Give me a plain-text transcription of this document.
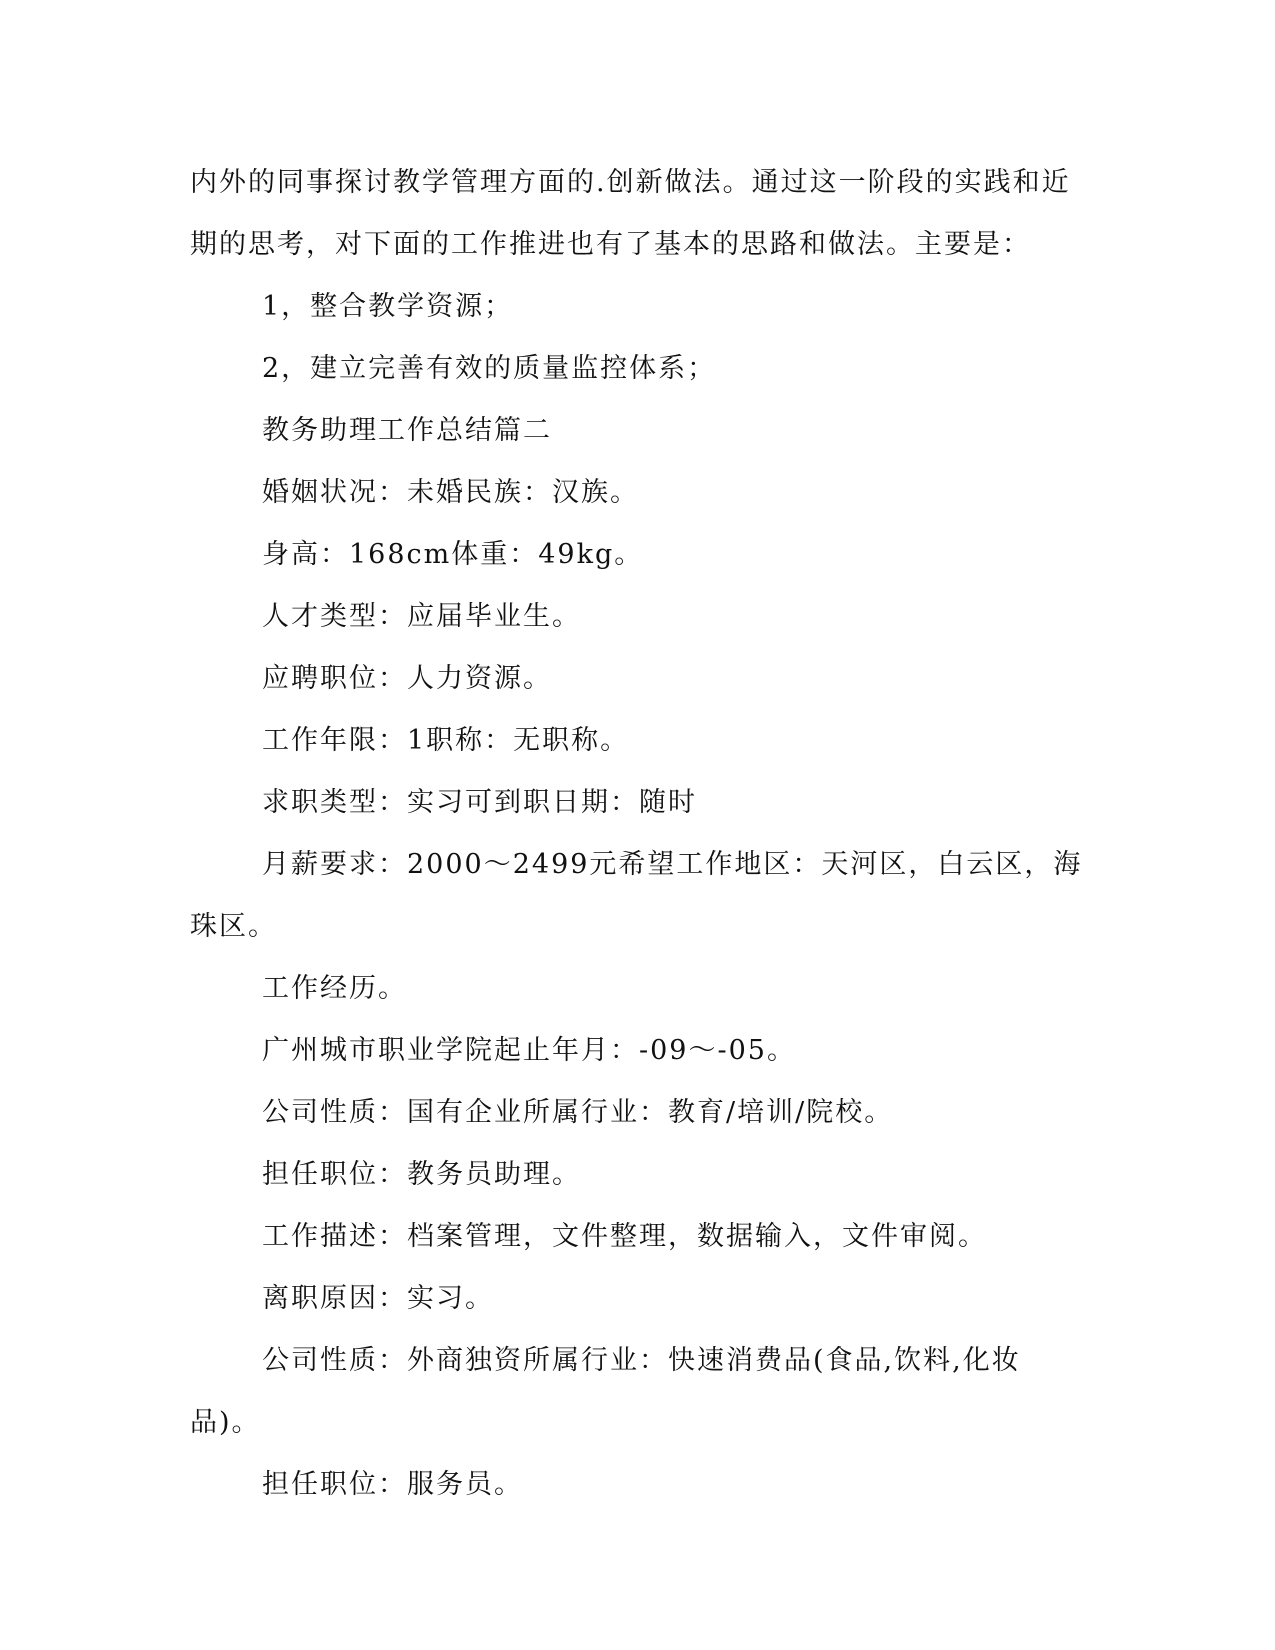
内外的同事探讨教学管理方面的.创新做法。通过这一阶段的实践和近期的思考，对下面的工作推进也有了基本的思路和做法。主要是：

1，整合教学资源；

2，建立完善有效的质量监控体系；

教务助理工作总结篇二

婚姻状况：未婚民族：汉族。

身高：168cm体重：49kg。

人才类型：应届毕业生。

应聘职位：人力资源。

工作年限：1职称：无职称。

求职类型：实习可到职日期：随时

月薪要求：2000～2499元希望工作地区：天河区，白云区，海珠区。

工作经历。

广州城市职业学院起止年月：-09～-05。

公司性质：国有企业所属行业：教育/培训/院校。

担任职位：教务员助理。

工作描述：档案管理，文件整理，数据输入，文件审阅。

离职原因：实习。

公司性质：外商独资所属行业：快速消费品(食品,饮料,化妆品)。

担任职位：服务员。
